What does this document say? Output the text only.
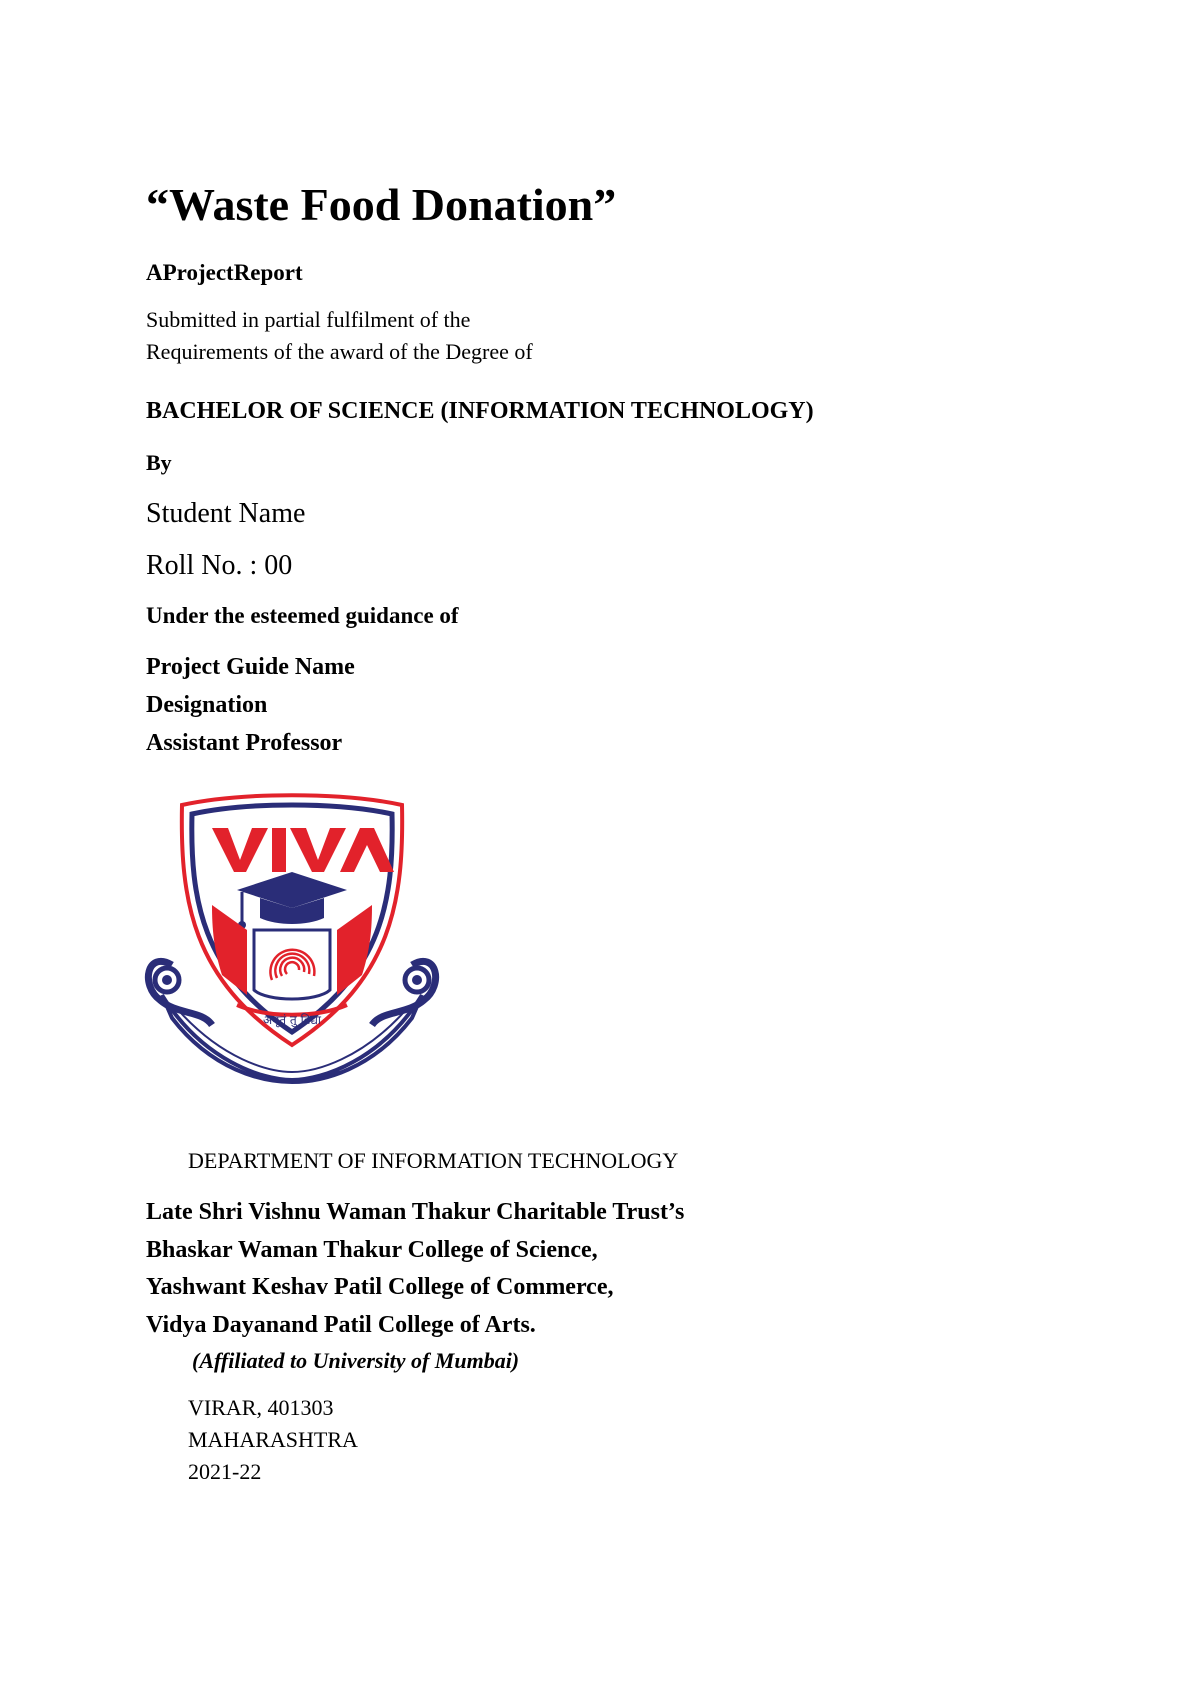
“Waste Food Donation”
AProjectReport
Submitted in partial fulfilment of the
Requirements of the award of the Degree of
BACHELOR OF SCIENCE (INFORMATION TECHNOLOGY)
By
Student Name
Roll No. : 00
Under the esteemed guidance of
Project Guide Name
Designation
Assistant Professor
अमृतं तु विद्या
DEPARTMENT OF INFORMATION TECHNOLOGY
Late Shri Vishnu Waman Thakur Charitable Trust’s
Bhaskar Waman Thakur College of Science,
Yashwant Keshav Patil College of Commerce,
Vidya Dayanand Patil College of Arts.
(Affiliated to University of Mumbai)
VIRAR, 401303
MAHARASHTRA
2021-22
